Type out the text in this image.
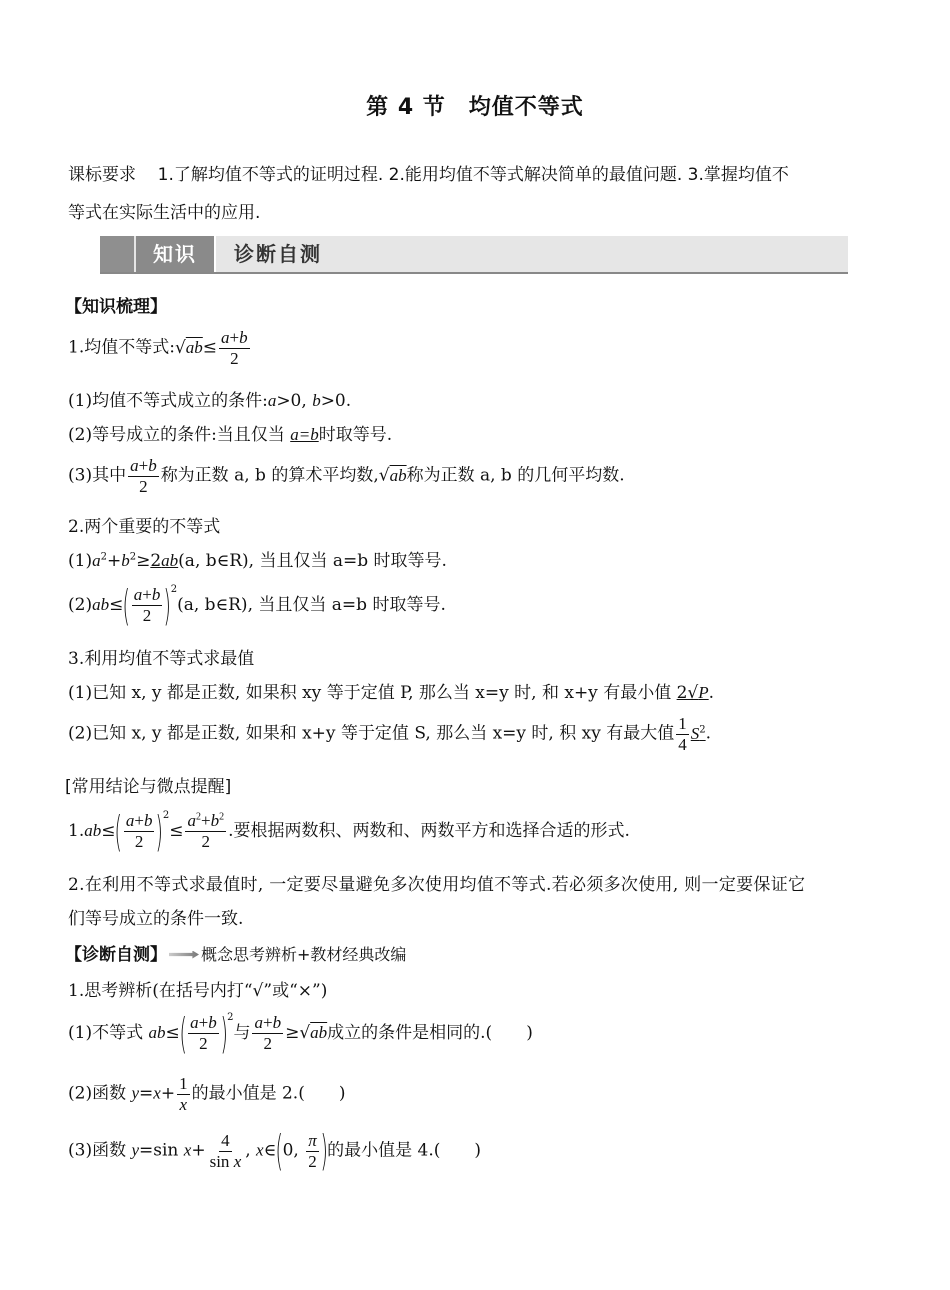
第 4 节　均值不等式
课标要求 1.了解均值不等式的证明过程. 2.能用均值不等式解决简单的最值问题. 3.掌握均值不
等式在实际生活中的应用.
知识	诊断自测
【知识梳理】
1.均值不等式:√ab≤ $\frac{a+b}{2}$
(1)均值不等式成立的条件:a>0, b>0.
(2)等号成立的条件:当且仅当 a=b时取等号.
(3)其中 $\frac{a+b}{2}$ 称为正数 a, b 的算术平均数,√ab称为正数 a, b 的几何平均数.
2.两个重要的不等式
$(1)a^2+b^2\ge 2ab(a$, b∈R), 当且仅当 a=b 时取等号.
$(2)ab\le( \frac{a+b}{2} )^2(a$, b∈R), 当且仅当 a=b 时取等号.
3.利用均值不等式求最值
(1)已知 x, y 都是正数, 如果积 xy 等于定值 P, 那么当 x=y 时, 和 x+y 有最小值 2√P.
(2)已知 x, y 都是正数, 如果和 x+y 等于定值 S, 那么当 x=y 时, 积 xy 有最大值 $\frac{1}{4} S^2$.
[常用结论与微点提醒]
$1.ab\le( \frac{a+b}{2} )^2\le \frac{a^2+b^2}{2}$ .要根据两数积、两数和、两数平方和选择合适的形式.
2.在利用不等式求最值时, 一定要尽量避免多次使用均值不等式.若必须多次使用, 则一定要保证它
们等号成立的条件一致.
【诊断自测】 概念思考辨析+教材经典改编
1.思考辨析(在括号内打“√”或“×”)
(1)不等式 $ab\le( \frac{a+b}{2} )^2$与 $\frac{a+b}{2} \ge√ab$成立的条件是相同的.(　　)
(2)函数 $y=x+ \frac{1}{x}$ 的最小值是 2.(　　)
(3)函数 y=sin $x+ \frac{4}{\text{sin x}}$ , x∈(0, $\frac{\pi}{2}$ )的最小值是 4.(　　)
